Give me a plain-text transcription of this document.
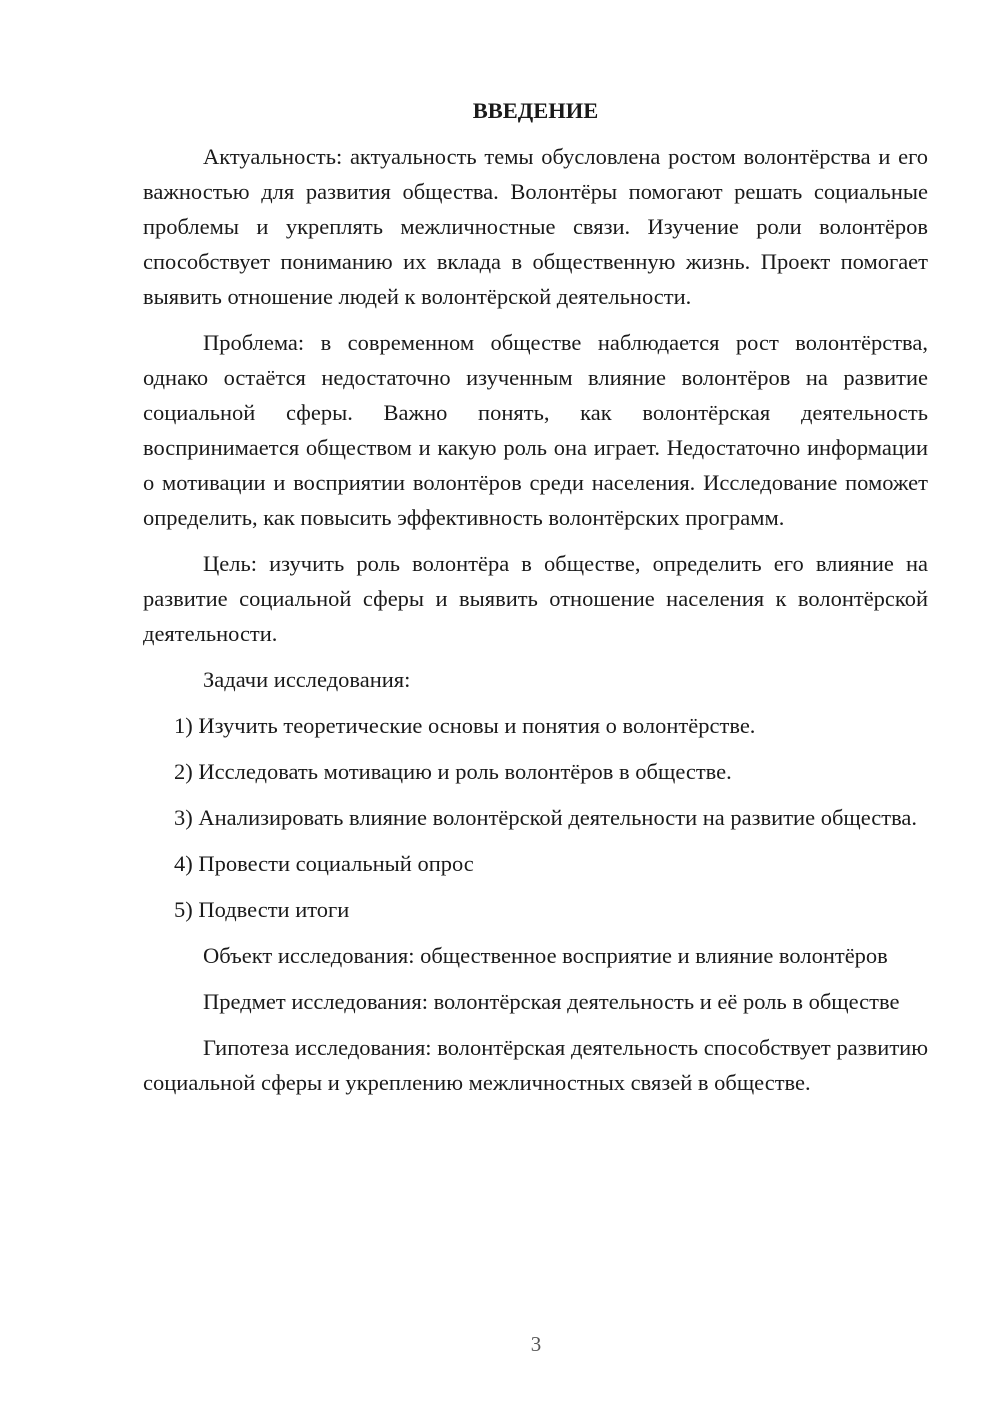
ВВЕДЕНИЕ

Актуальность: актуальность темы обусловлена ростом волонтёрства и его важностью для развития общества. Волонтёры помогают решать социальные проблемы и укреплять межличностные связи. Изучение роли волонтёров способствует пониманию их вклада в общественную жизнь. Проект помогает выявить отношение людей к волонтёрской деятельности.

Проблема: в современном обществе наблюдается рост волонтёрства, однако остаётся недостаточно изученным влияние волонтёров на развитие социальной сферы. Важно понять, как волонтёрская деятельность воспринимается обществом и какую роль она играет. Недостаточно информации о мотивации и восприятии волонтёров среди населения. Исследование поможет определить, как повысить эффективность волонтёрских программ.

Цель: изучить роль волонтёра в обществе, определить его влияние на развитие социальной сферы и выявить отношение населения к волонтёрской деятельности.

Задачи исследования:

1) Изучить теоретические основы и понятия о волонтёрстве.

2) Исследовать мотивацию и роль волонтёров в обществе.

3) Анализировать влияние волонтёрской деятельности на развитие общества.

4) Провести социальный опрос

5) Подвести итоги

Объект исследования: общественное восприятие и влияние волонтёров

Предмет исследования: волонтёрская деятельность и её роль в обществе

Гипотеза исследования: волонтёрская деятельность способствует развитию социальной сферы и укреплению межличностных связей в обществе.

3
